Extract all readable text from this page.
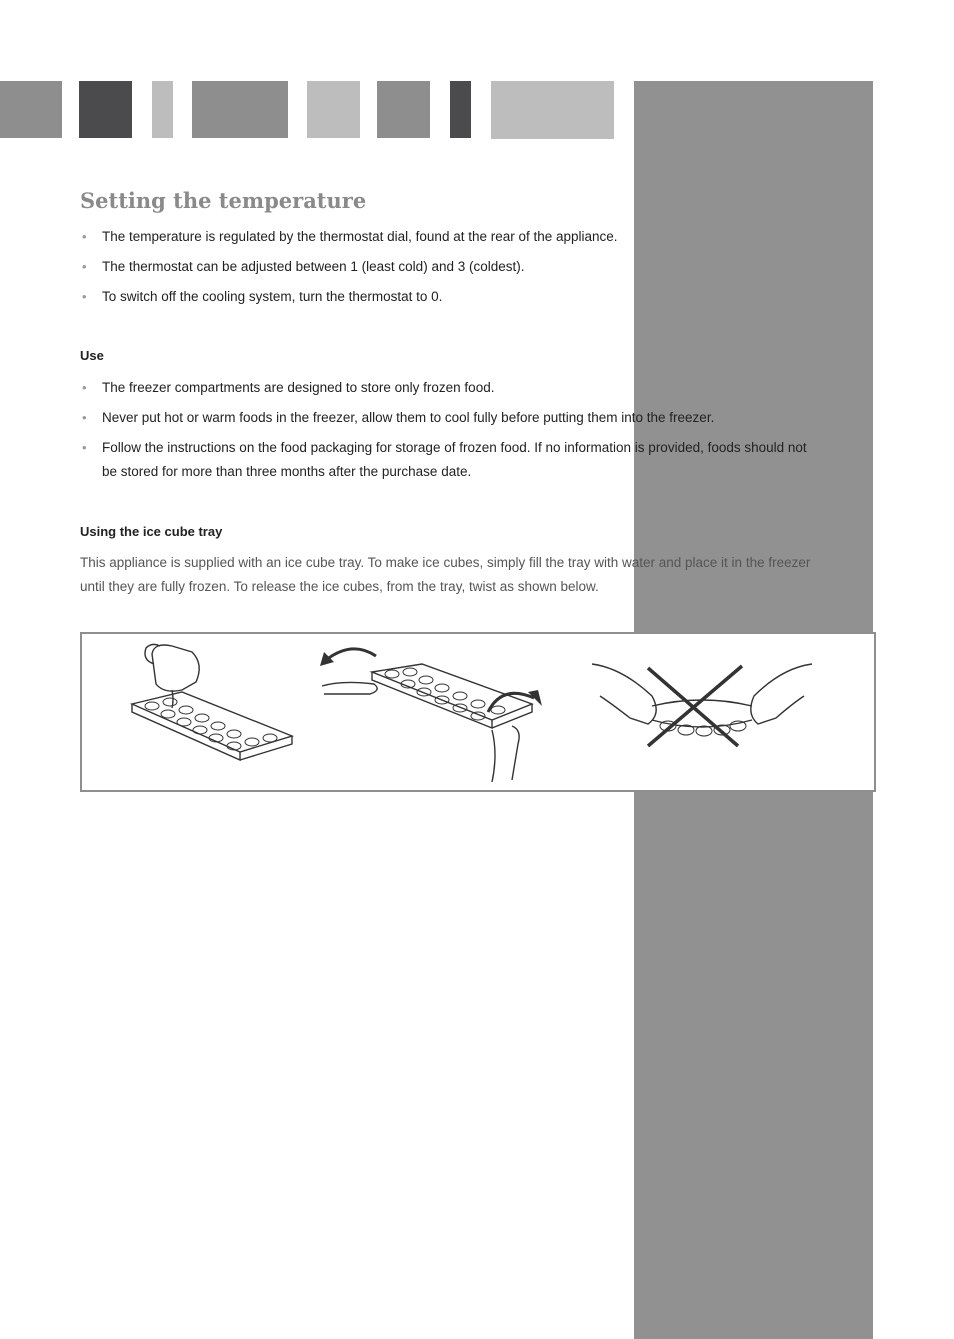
Setting the temperature
• The temperature is regulated by the thermostat dial, found at the rear of the appliance.
• The thermostat can be adjusted between 1 (least cold) and 3 (coldest).
• To switch off the cooling system, turn the thermostat to 0.
Use
• The freezer compartments are designed to store only frozen food.
• Never put hot or warm foods in the freezer, allow them to cool fully before putting them into the freezer.
• Follow the instructions on the food packaging for storage of frozen food. If no information is provided, foods should not be stored for more than three months after the purchase date.
Using the ice cube tray

This appliance is supplied with an ice cube tray. To make ice cubes, simply fill the tray with water and place it in the freezer until they are fully frozen. To release the ice cubes, from the tray, twist as shown below.
